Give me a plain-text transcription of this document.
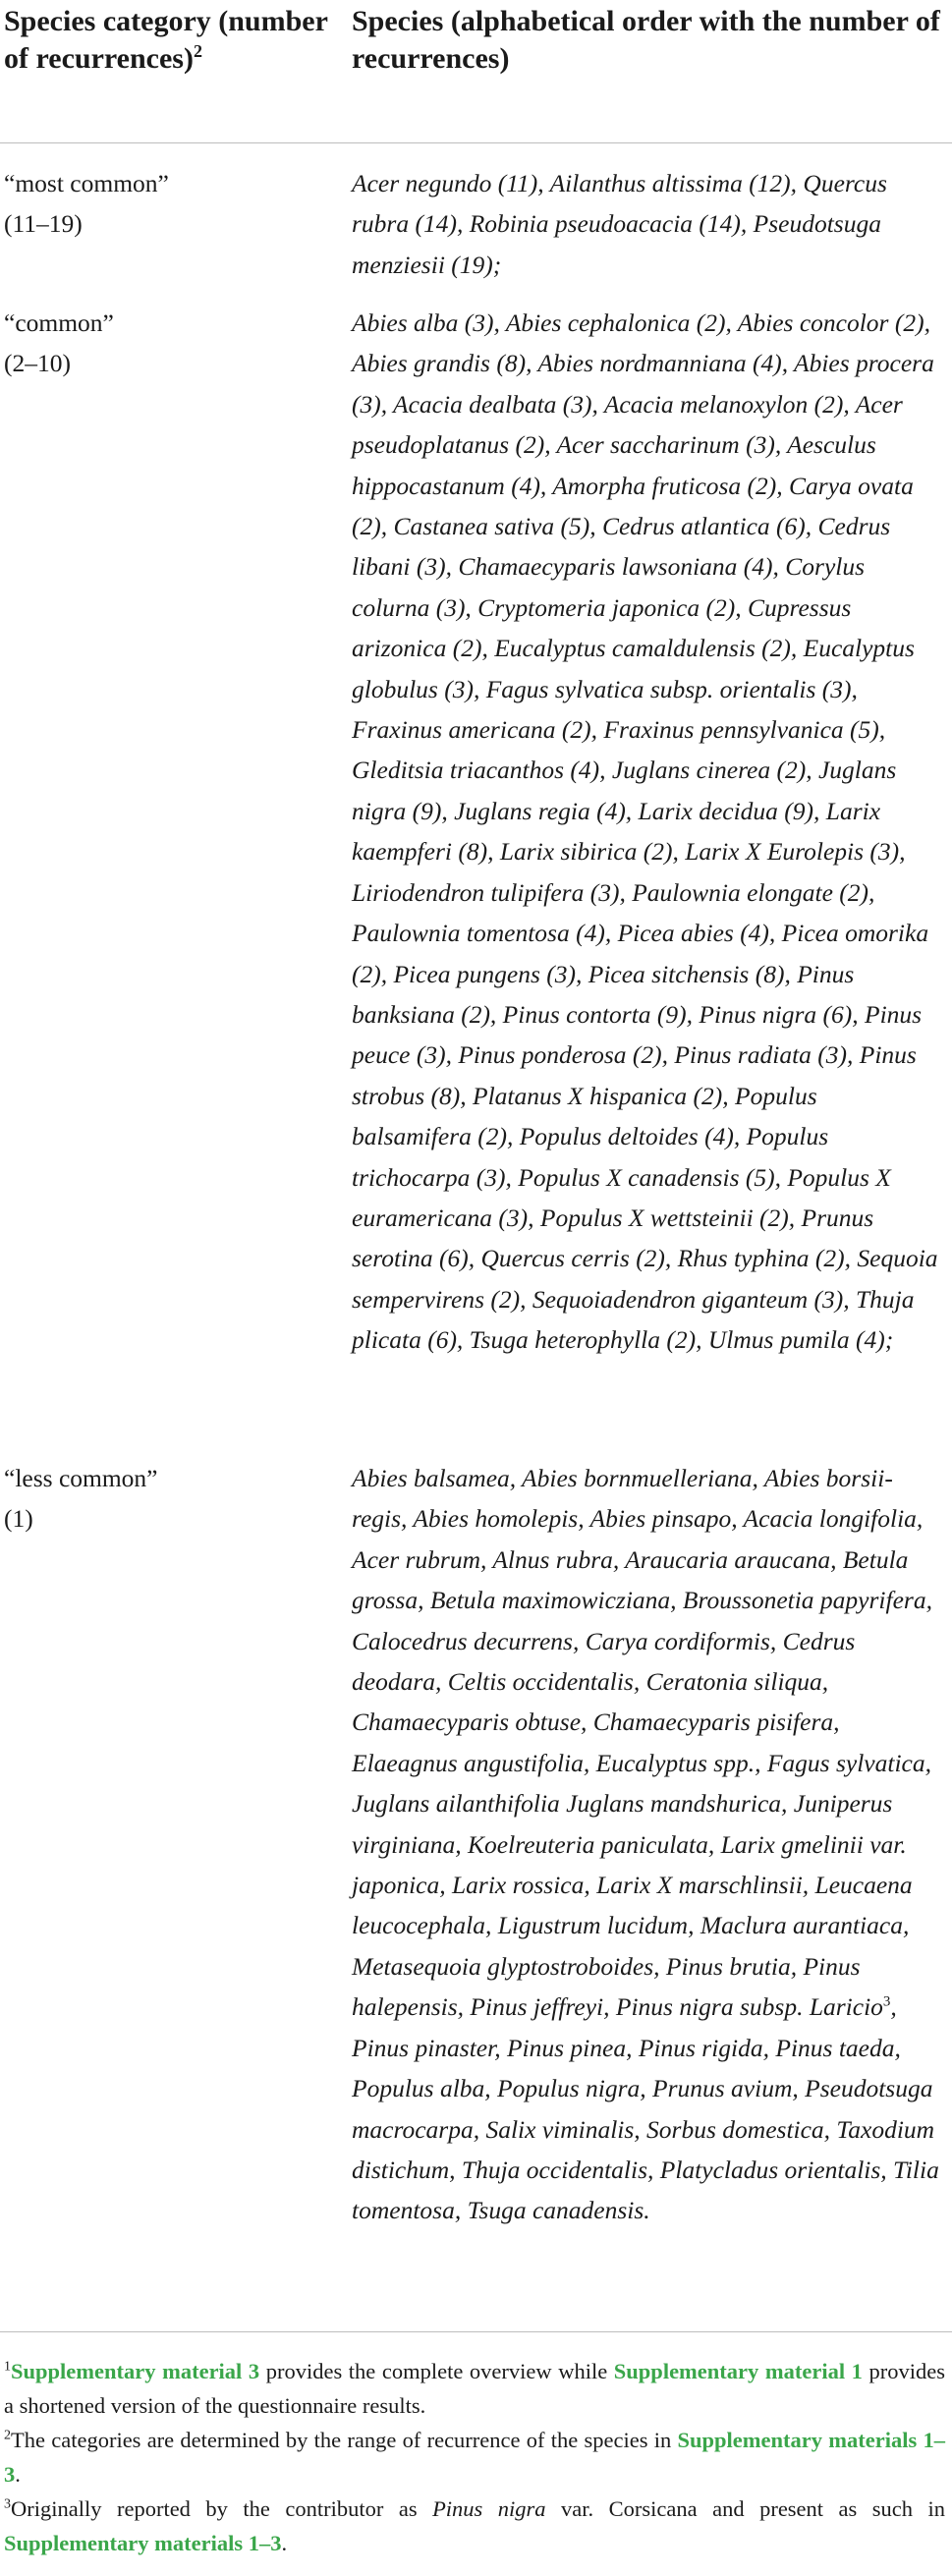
Species category (number of recurrences)$^2$
Species (alphabetical order with the number of recurrences)
“most common”
(11–19)
Acer negundo (11), Ailanthus altissima (12), Quercus rubra (14), Robinia pseudoacacia (14), Pseudotsuga menziesii (19);
“common”
(2–10)
Abies alba (3), Abies cephalonica (2), Abies concolor (2), Abies grandis (8), Abies nordmanniana (4), Abies procera (3), Acacia dealbata (3), Acacia melanoxylon (2), Acer pseudoplatanus (2), Acer saccharinum (3), Aesculus hippocastanum (4), Amorpha fruticosa (2), Carya ovata (2), Castanea sativa (5), Cedrus atlantica (6), Cedrus libani (3), Chamaecyparis lawsoniana (4), Corylus colurna (3), Cryptomeria japonica (2), Cupressus arizonica (2), Eucalyptus camaldulensis (2), Eucalyptus globulus (3), Fagus sylvatica subsp. orientalis (3), Fraxinus americana (2), Fraxinus pennsylvanica (5), Gleditsia triacanthos (4), Juglans cinerea (2), Juglans nigra (9), Juglans regia (4), Larix decidua (9), Larix kaempferi (8), Larix sibirica (2), Larix X Eurolepis (3), Liriodendron tulipifera (3), Paulownia elongate (2), Paulownia tomentosa (4), Picea abies (4), Picea omorika (2), Picea pungens (3), Picea sitchensis (8), Pinus banksiana (2), Pinus contorta (9), Pinus nigra (6), Pinus peuce (3), Pinus ponderosa (2), Pinus radiata (3), Pinus strobus (8), Platanus X hispanica (2), Populus balsamifera (2), Populus deltoides (4), Populus trichocarpa (3), Populus X canadensis (5), Populus X euramericana (3), Populus X wettsteinii (2), Prunus serotina (6), Quercus cerris (2), Rhus typhina (2), Sequoia sempervirens (2), Sequoiadendron giganteum (3), Thuja plicata (6), Tsuga heterophylla (2), Ulmus pumila (4);
“less common”
(1)
Abies balsamea, Abies bornmuelleriana, Abies borsii-regis, Abies homolepis, Abies pinsapo, Acacia longifolia, Acer rubrum, Alnus rubra, Araucaria araucana, Betula grossa, Betula maximowicziana, Broussonetia papyrifera, Calocedrus decurrens, Carya cordiformis, Cedrus deodara, Celtis occidentalis, Ceratonia siliqua, Chamaecyparis obtuse, Chamaecyparis pisifera, Elaeagnus angustifolia, Eucalyptus spp., Fagus sylvatica, Juglans ailanthifolia Juglans mandshurica, Juniperus virginiana, Koelreuteria paniculata, Larix gmelinii var. japonica, Larix rossica, Larix X marschlinsii, Leucaena leucocephala, Ligustrum lucidum, Maclura aurantiaca, Metasequoia glyptostroboides, Pinus brutia, Pinus halepensis, Pinus jeffreyi, Pinus nigra subsp. Laricio$^3$, Pinus pinaster, Pinus pinea, Pinus rigida, Pinus taeda, Populus alba, Populus nigra, Prunus avium, Pseudotsuga macrocarpa, Salix viminalis, Sorbus domestica, Taxodium distichum, Thuja occidentalis, Platycladus orientalis, Tilia tomentosa, Tsuga canadensis.
$^1$Supplementary material 3 provides the complete overview while Supplementary material 1 provides a shortened version of the questionnaire results.
$^2$The categories are determined by the range of recurrence of the species in Supplementary materials 1–3.
$^3$Originally reported by the contributor as Pinus nigra var. Corsicana and present as such in Supplementary materials 1–3.
